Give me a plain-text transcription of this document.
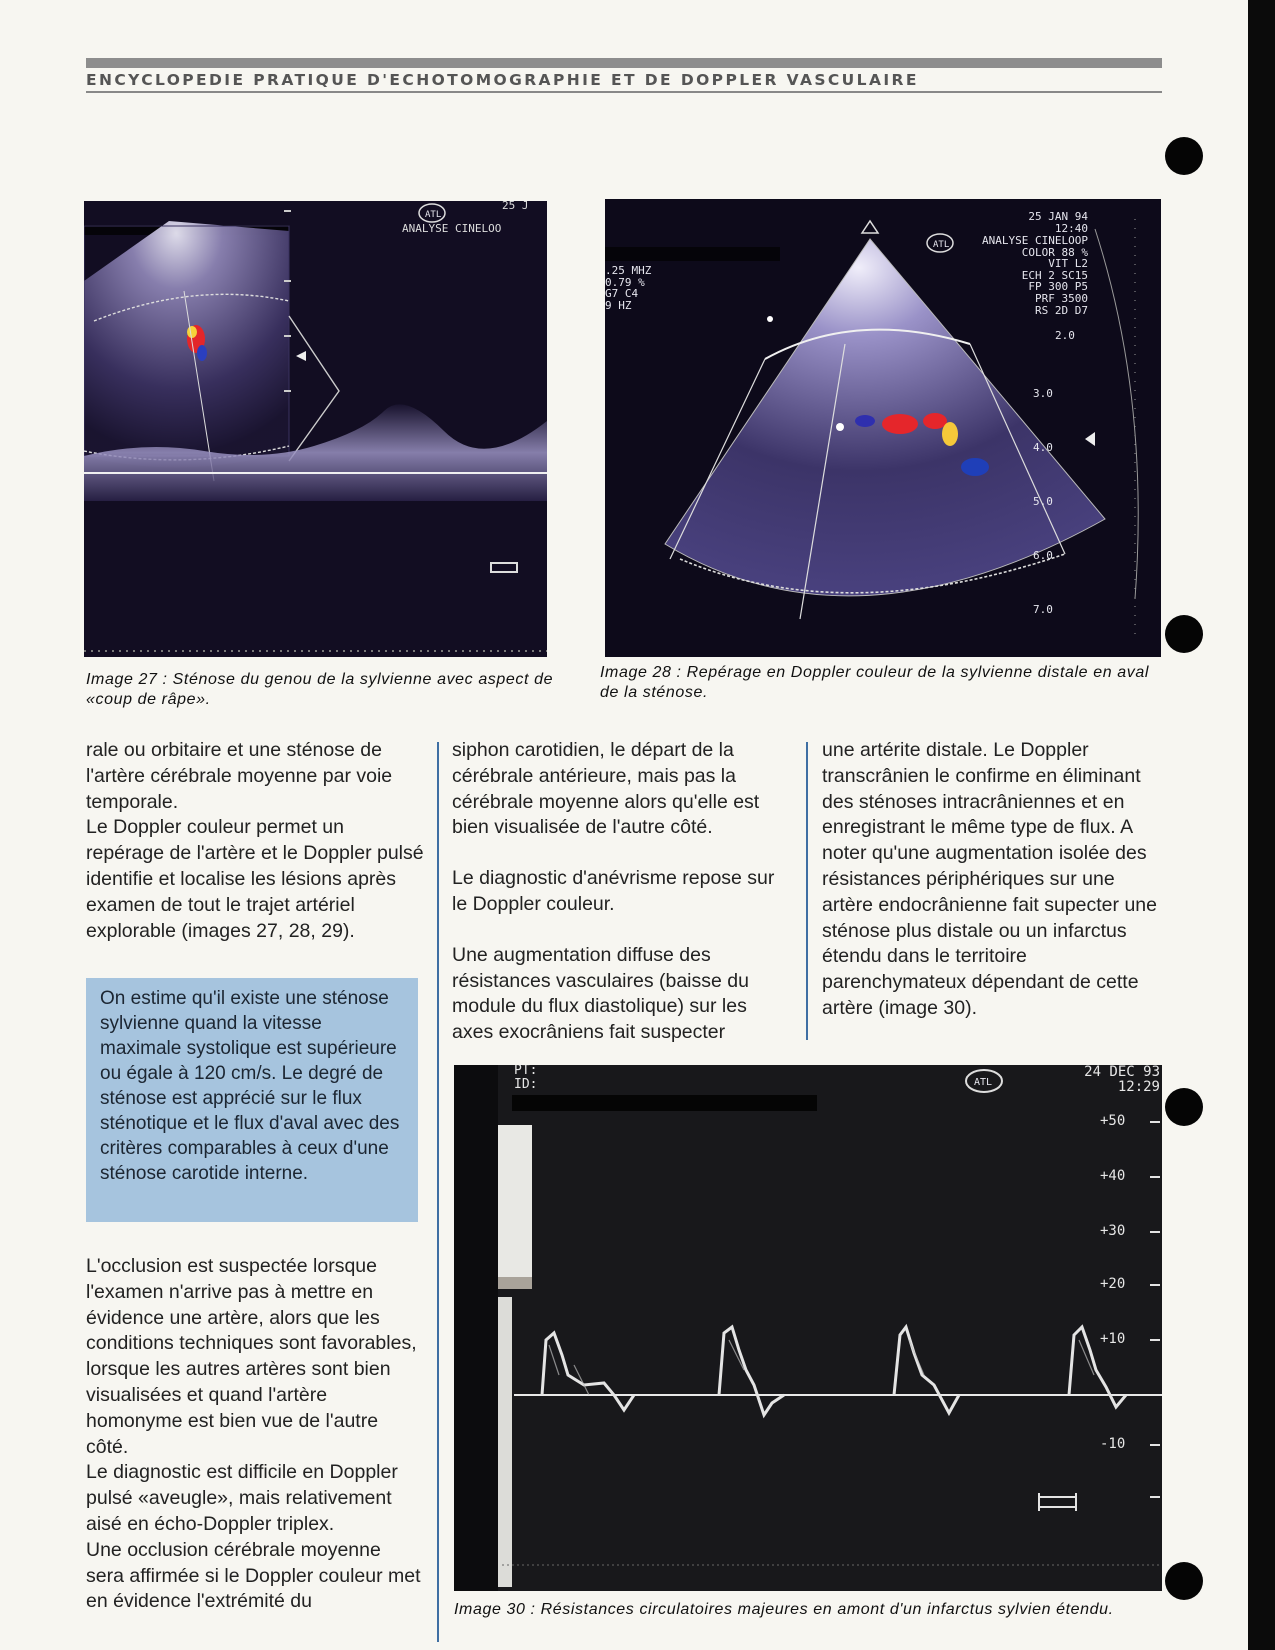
ENCYCLOPEDIE PRATIQUE D'ECHOTOMOGRAPHIE ET DE DOPPLER VASCULAIRE
ATL
25 J
ANALYSE CINELOO
Image 27 : Sténose du genou de la sylvienne avec aspect de «coup de râpe».
ATL
25 JAN 94
12:40
ANALYSE CINELOOP
COLOR 88 %
VIT L2
ECH 2 SC15
FP 300 P5
PRF 3500
RS 2D D7
.25 MHZ
0.79 %
G7 C4
9 HZ
2.0
3.0
4.0
5.0
6.0
7.0
Image 28 : Repérage en Doppler couleur de la sylvienne distale en aval de la sténose.

rale ou orbitaire et une sténose de l'artère cérébrale moyenne par voie temporale.

Le Doppler couleur permet un repérage de l'artère et le Doppler pulsé identifie et localise les lésions après examen de tout le trajet artériel explorable (images 27, 28, 29).

On estime qu'il existe une sténose sylvienne quand la vitesse maximale systolique est supérieure ou égale à 120 cm/s. Le degré de sténose est apprécié sur le flux sténotique et le flux d'aval avec des critères comparables à ceux d'une sténose carotide interne.

L'occlusion est suspectée lorsque l'examen n'arrive pas à mettre en évidence une artère, alors que les conditions techniques sont favorables, lorsque les autres artères sont bien visualisées et quand l'artère homonyme est bien vue de l'autre côté.

Le diagnostic est difficile en Doppler pulsé «aveugle», mais relativement aisé en écho-Doppler triplex.

Une occlusion cérébrale moyenne sera affirmée si le Doppler couleur met en évidence l'extrémité du

siphon carotidien, le départ de la cérébrale antérieure, mais pas la cérébrale moyenne alors qu'elle est bien visualisée de l'autre côté.

Le diagnostic d'anévrisme repose sur le Doppler couleur.

Une augmentation diffuse des résistances vasculaires (baisse du module du flux diastolique) sur les axes exocrâniens fait suspecter

une artérite distale. Le Doppler transcrânien le confirme en éliminant des sténoses intracrâniennes et en enregistrant le même type de flux. A noter qu'une augmentation isolée des résistances périphériques sur une artère endocrânienne fait supecter une sténose plus distale ou un infarctus étendu dans le territoire parenchymateux dépendant de cette artère (image 30).

ATL
PT:
ID:
24 DEC 93
12:29
+50
+40
+30
+20
+10
-10
Image 30 : Résistances circulatoires majeures en amont d'un infarctus sylvien étendu.
